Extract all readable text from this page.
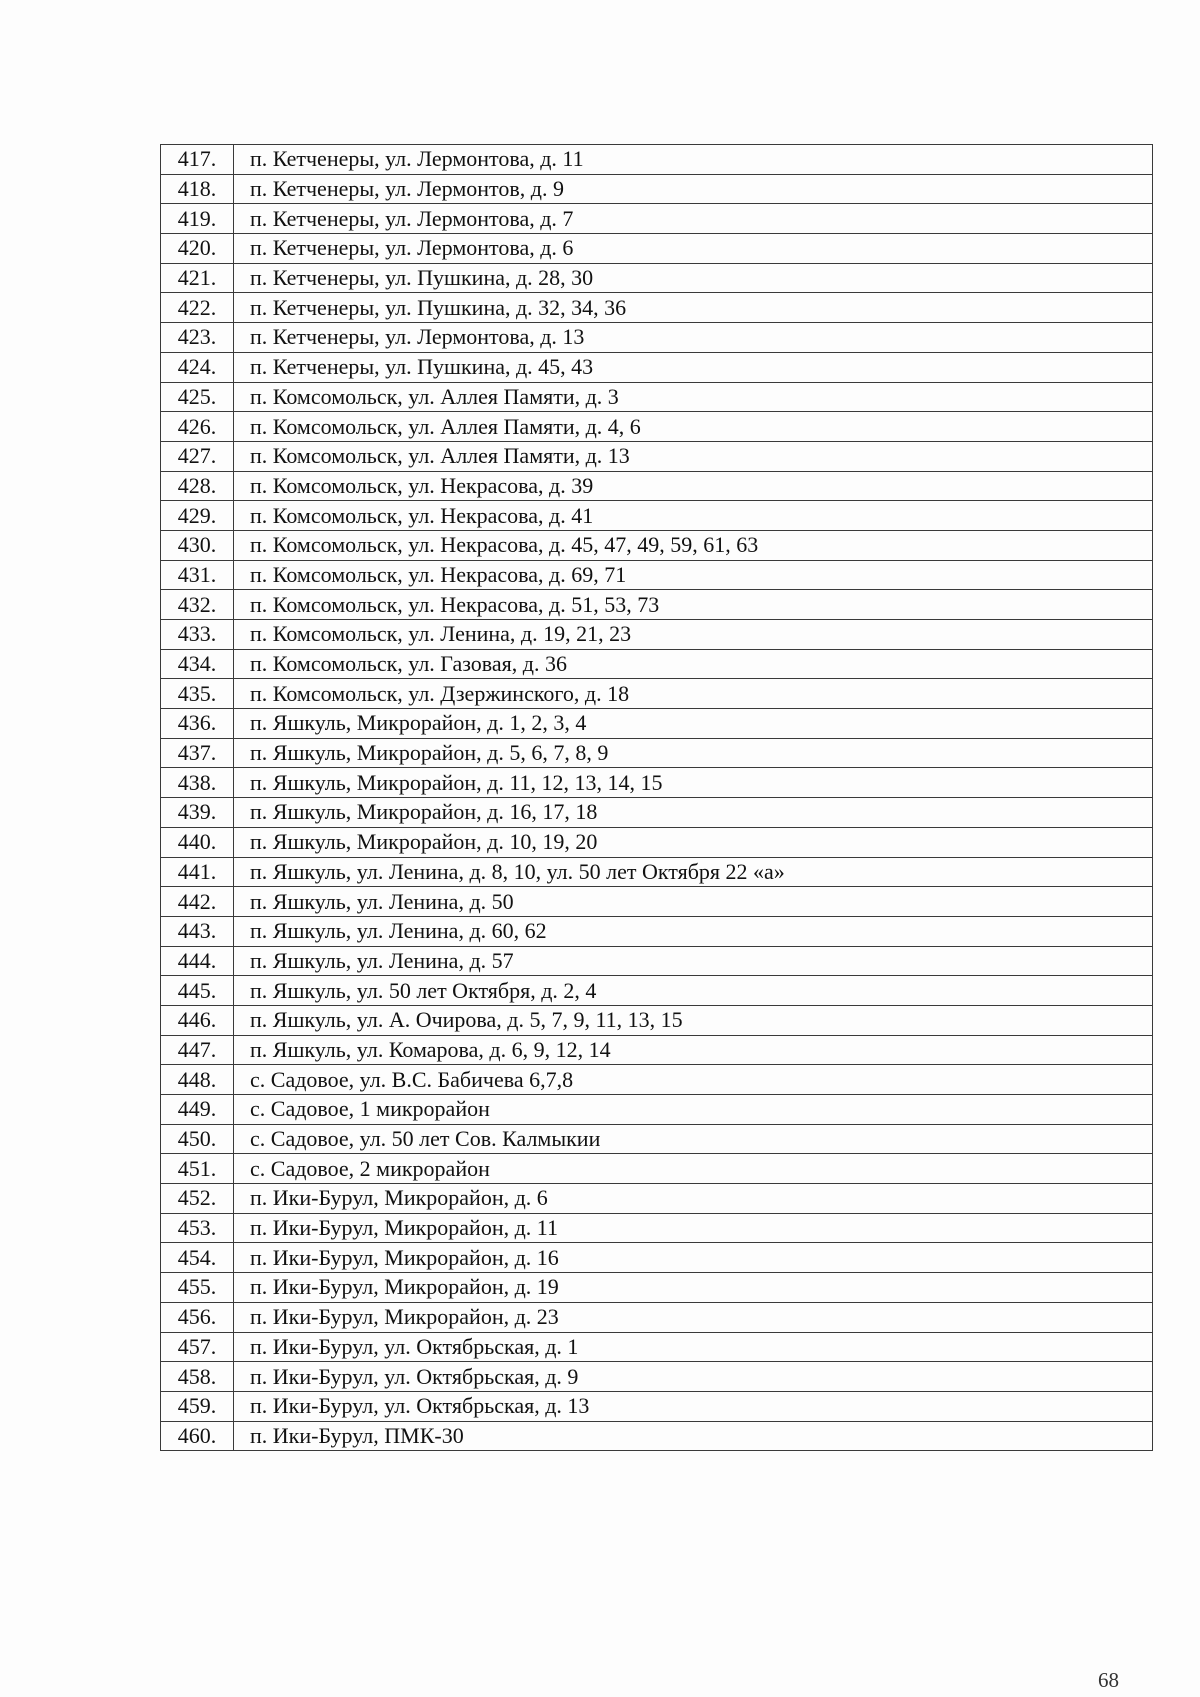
417.	п. Кетченеры, ул. Лермонтова, д. 11
418.	п. Кетченеры, ул. Лермонтов, д. 9
419.	п. Кетченеры, ул. Лермонтова, д. 7
420.	п. Кетченеры, ул. Лермонтова, д. 6
421.	п. Кетченеры, ул. Пушкина, д. 28, 30
422.	п. Кетченеры, ул. Пушкина, д. 32, 34, 36
423.	п. Кетченеры, ул. Лермонтова, д. 13
424.	п. Кетченеры, ул. Пушкина, д. 45, 43
425.	п. Комсомольск, ул. Аллея Памяти, д. 3
426.	п. Комсомольск, ул. Аллея Памяти, д. 4, 6
427.	п. Комсомольск, ул. Аллея Памяти, д. 13
428.	п. Комсомольск, ул. Некрасова, д. 39
429.	п. Комсомольск, ул. Некрасова, д. 41
430.	п. Комсомольск, ул. Некрасова, д. 45, 47, 49, 59, 61, 63
431.	п. Комсомольск, ул. Некрасова, д. 69, 71
432.	п. Комсомольск, ул. Некрасова, д. 51, 53, 73
433.	п. Комсомольск, ул. Ленина, д. 19, 21, 23
434.	п. Комсомольск, ул. Газовая, д. 36
435.	п. Комсомольск, ул. Дзержинского, д. 18
436.	п. Яшкуль, Микрорайон, д. 1, 2, 3, 4
437.	п. Яшкуль, Микрорайон, д. 5, 6, 7, 8, 9
438.	п. Яшкуль, Микрорайон, д. 11, 12, 13, 14, 15
439.	п. Яшкуль, Микрорайон, д. 16, 17, 18
440.	п. Яшкуль, Микрорайон, д. 10, 19, 20
441.	п. Яшкуль, ул. Ленина, д. 8, 10, ул. 50 лет Октября 22 «а»
442.	п. Яшкуль, ул. Ленина, д. 50
443.	п. Яшкуль, ул. Ленина, д. 60, 62
444.	п. Яшкуль, ул. Ленина, д. 57
445.	п. Яшкуль, ул. 50 лет Октября, д. 2, 4
446.	п. Яшкуль, ул. А. Очирова, д. 5, 7, 9, 11, 13, 15
447.	п. Яшкуль, ул. Комарова, д. 6, 9, 12, 14
448.	с. Садовое, ул. В.С. Бабичева 6,7,8
449.	с. Садовое, 1 микрорайон
450.	с. Садовое, ул. 50 лет Сов. Калмыкии
451.	с. Садовое, 2 микрорайон
452.	п. Ики-Бурул, Микрорайон, д. 6
453.	п. Ики-Бурул, Микрорайон, д. 11
454.	п. Ики-Бурул, Микрорайон, д. 16
455.	п. Ики-Бурул, Микрорайон, д. 19
456.	п. Ики-Бурул, Микрорайон, д. 23
457.	п. Ики-Бурул, ул. Октябрьская, д. 1
458.	п. Ики-Бурул, ул. Октябрьская, д. 9
459.	п. Ики-Бурул, ул. Октябрьская, д. 13
460.	п. Ики-Бурул, ПМК-30
68
